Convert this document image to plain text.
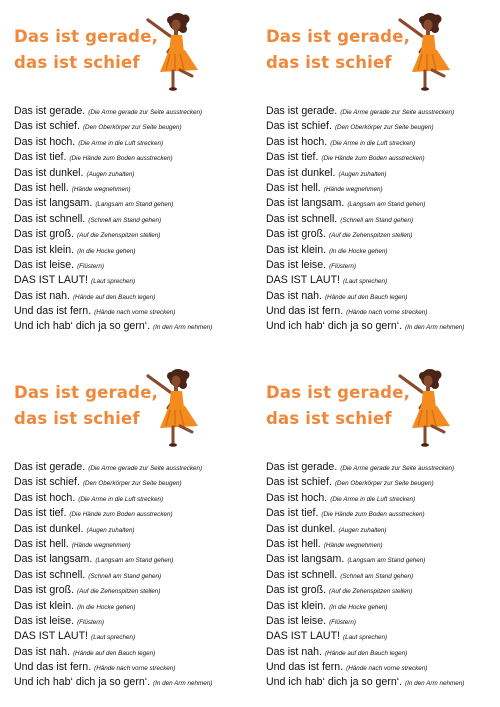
Das ist gerade,
das ist schief
Das ist gerade. (Die Arme gerade zur Seite ausstrecken)
Das ist schief. (Den Oberkörper zur Seite beugen)
Das ist hoch. (Die Arme in die Luft strecken)
Das ist tief. (Die Hände zum Boden ausstrecken)
Das ist dunkel. (Augen zuhalten)
Das ist hell. (Hände wegnehmen)
Das ist langsam. (Langsam am Stand gehen)
Das ist schnell. (Schnell am Stand gehen)
Das ist groß. (Auf die Zehenspitzen stellen)
Das ist klein. (In die Hocke gehen)
Das ist leise. (Flüstern)
DAS IST LAUT! (Laut sprechen)
Das ist nah. (Hände auf den Bauch legen)
Und das ist fern. (Hände nach vorne strecken)
Und ich hab‘ dich ja so gern‘. (In den Arm nehmen)
Das ist gerade,
das ist schief
Das ist gerade. (Die Arme gerade zur Seite ausstrecken)
Das ist schief. (Den Oberkörper zur Seite beugen)
Das ist hoch. (Die Arme in die Luft strecken)
Das ist tief. (Die Hände zum Boden ausstrecken)
Das ist dunkel. (Augen zuhalten)
Das ist hell. (Hände wegnehmen)
Das ist langsam. (Langsam am Stand gehen)
Das ist schnell. (Schnell am Stand gehen)
Das ist groß. (Auf die Zehenspitzen stellen)
Das ist klein. (In die Hocke gehen)
Das ist leise. (Flüstern)
DAS IST LAUT! (Laut sprechen)
Das ist nah. (Hände auf den Bauch legen)
Und das ist fern. (Hände nach vorne strecken)
Und ich hab‘ dich ja so gern‘. (In den Arm nehmen)
Das ist gerade,
das ist schief
Das ist gerade. (Die Arme gerade zur Seite ausstrecken)
Das ist schief. (Den Oberkörper zur Seite beugen)
Das ist hoch. (Die Arme in die Luft strecken)
Das ist tief. (Die Hände zum Boden ausstrecken)
Das ist dunkel. (Augen zuhalten)
Das ist hell. (Hände wegnehmen)
Das ist langsam. (Langsam am Stand gehen)
Das ist schnell. (Schnell am Stand gehen)
Das ist groß. (Auf die Zehenspitzen stellen)
Das ist klein. (In die Hocke gehen)
Das ist leise. (Flüstern)
DAS IST LAUT! (Laut sprechen)
Das ist nah. (Hände auf den Bauch legen)
Und das ist fern. (Hände nach vorne strecken)
Und ich hab‘ dich ja so gern‘. (In den Arm nehmen)
Das ist gerade,
das ist schief
Das ist gerade. (Die Arme gerade zur Seite ausstrecken)
Das ist schief. (Den Oberkörper zur Seite beugen)
Das ist hoch. (Die Arme in die Luft strecken)
Das ist tief. (Die Hände zum Boden ausstrecken)
Das ist dunkel. (Augen zuhalten)
Das ist hell. (Hände wegnehmen)
Das ist langsam. (Langsam am Stand gehen)
Das ist schnell. (Schnell am Stand gehen)
Das ist groß. (Auf die Zehenspitzen stellen)
Das ist klein. (In die Hocke gehen)
Das ist leise. (Flüstern)
DAS IST LAUT! (Laut sprechen)
Das ist nah. (Hände auf den Bauch legen)
Und das ist fern. (Hände nach vorne strecken)
Und ich hab‘ dich ja so gern‘. (In den Arm nehmen)
